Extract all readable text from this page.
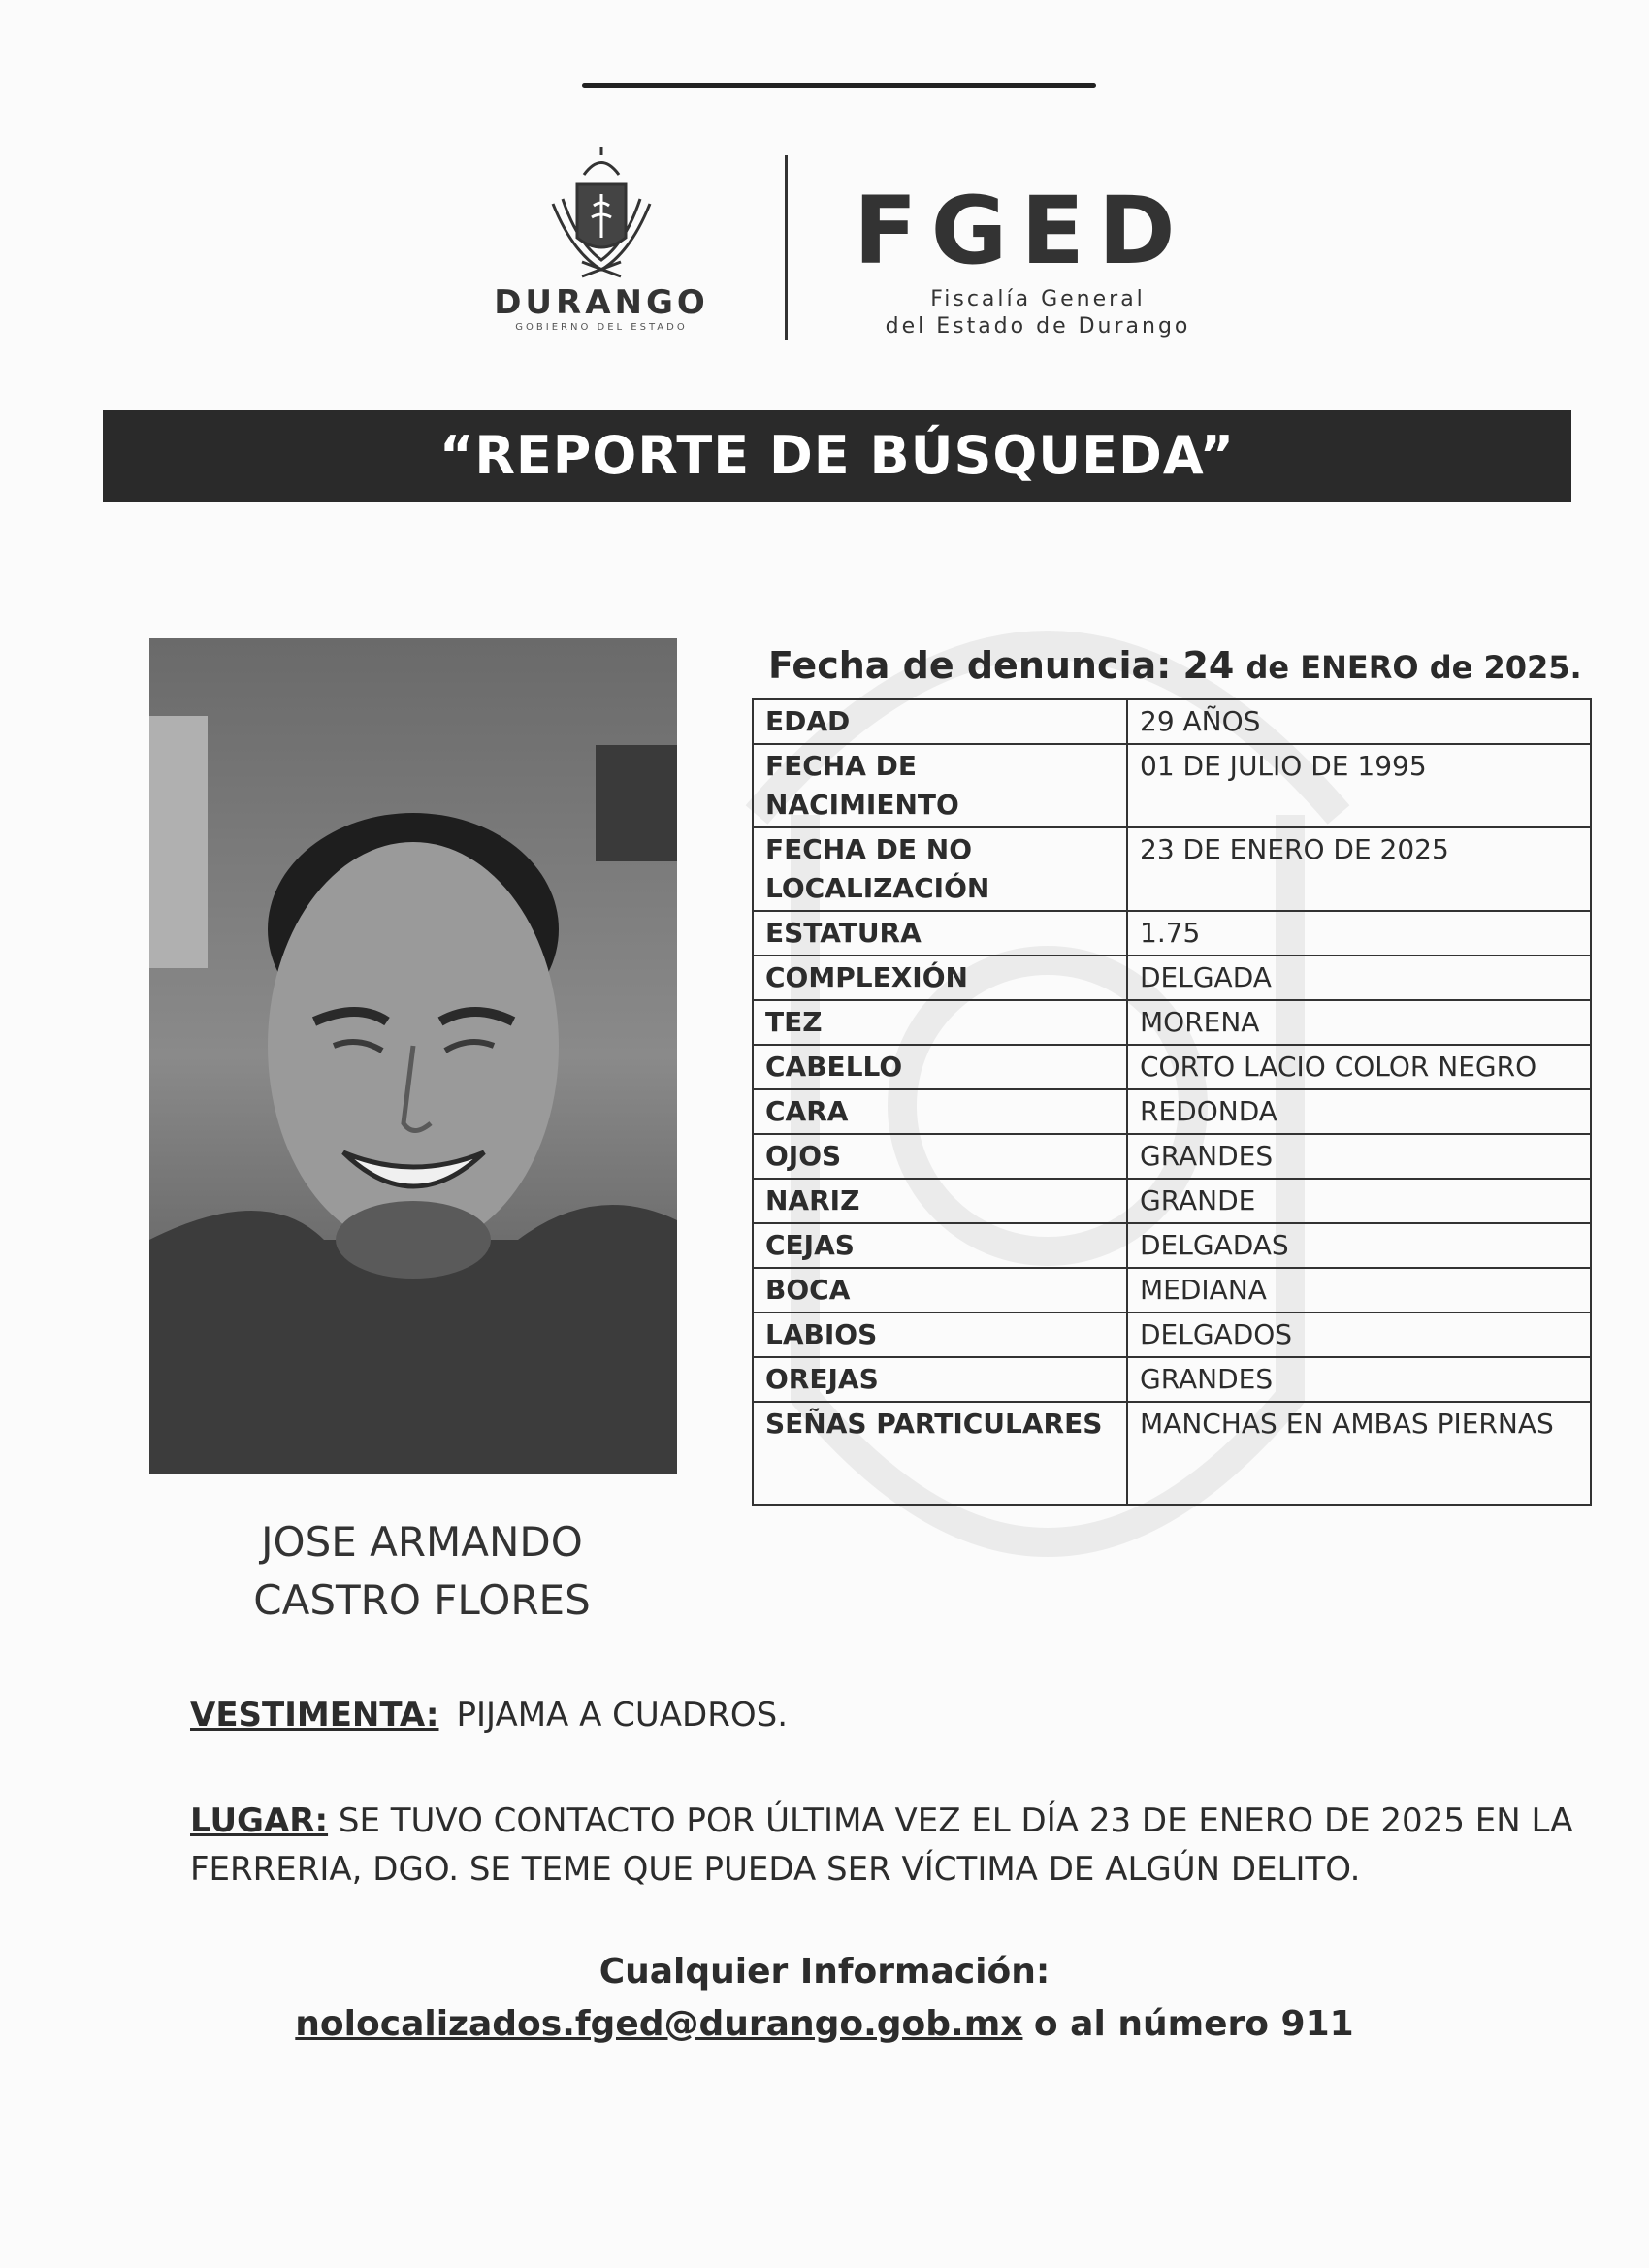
DURANGO
GOBIERNO DEL ESTADO
FGED
Fiscalía General
del Estado de Durango
“REPORTE DE BÚSQUEDA”
Fecha de denuncia: 24 de ENERO de 2025.
EDAD	29 AÑOS
FECHA DE NACIMIENTO	01 DE JULIO DE 1995
FECHA DE NO LOCALIZACIÓN	23 DE ENERO DE 2025
ESTATURA	1.75
COMPLEXIÓN	DELGADA
TEZ	MORENA
CABELLO	CORTO LACIO COLOR NEGRO
CARA	REDONDA
OJOS	GRANDES
NARIZ	GRANDE
CEJAS	DELGADAS
BOCA	MEDIANA
LABIOS	DELGADOS
OREJAS	GRANDES
SEÑAS PARTICULARES	MANCHAS EN AMBAS PIERNAS
JOSE ARMANDO
CASTRO FLORES
VESTIMENTA: PIJAMA A CUADROS.
LUGAR: SE TUVO CONTACTO POR ÚLTIMA VEZ EL DÍA 23 DE ENERO DE 2025 EN LA FERRERIA, DGO. SE TEME QUE PUEDA SER VÍCTIMA DE ALGÚN DELITO.
Cualquier Información:
nolocalizados.fged@durango.gob.mx o al número 911
